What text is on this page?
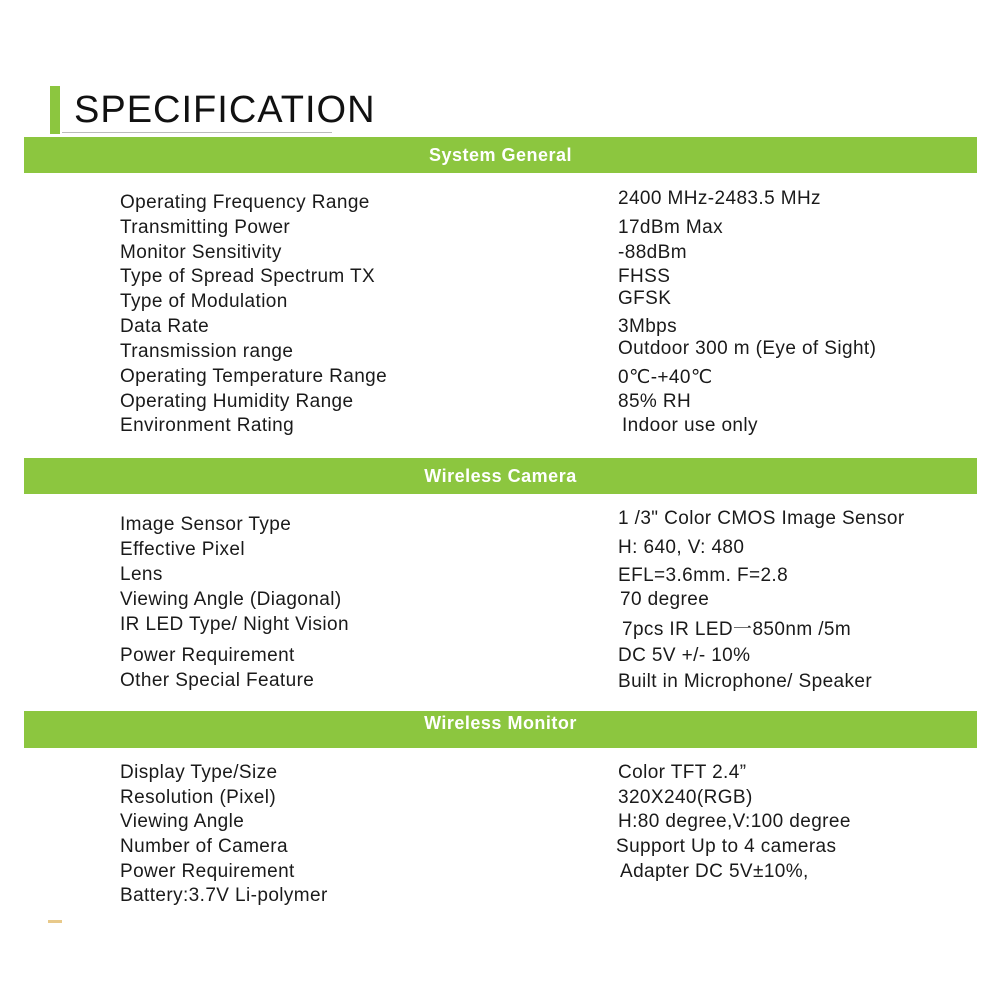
SPECIFICATION
System General
Operating Frequency Range	2400 MHz-2483.5 MHz
Transmitting Power	17dBm Max
Monitor Sensitivity	-88dBm
Type of Spread Spectrum TX	FHSS
Type of Modulation	GFSK
Data Rate	3Mbps
Transmission range	Outdoor 300 m (Eye of Sight)
Operating Temperature Range	0℃-+40℃
Operating Humidity Range	85% RH
Environment Rating	Indoor use only
Wireless Camera
Image Sensor Type	1 /3" Color CMOS Image Sensor
Effective Pixel	H: 640, V: 480
Lens	EFL=3.6mm. F=2.8
Viewing Angle (Diagonal)	70 degree
IR LED Type/ Night Vision	7pcs IR LED一850nm /5m
Power Requirement	DC 5V +/- 10%
Other Special Feature	Built in Microphone/ Speaker
Wireless Monitor
Display Type/Size	Color TFT 2.4”
Resolution (Pixel)	320X240(RGB)
Viewing Angle	H:80 degree,V:100 degree
Number of Camera	Support Up to 4 cameras
Power Requirement	Adapter DC 5V±10%,
Battery:3.7V Li-polymer
